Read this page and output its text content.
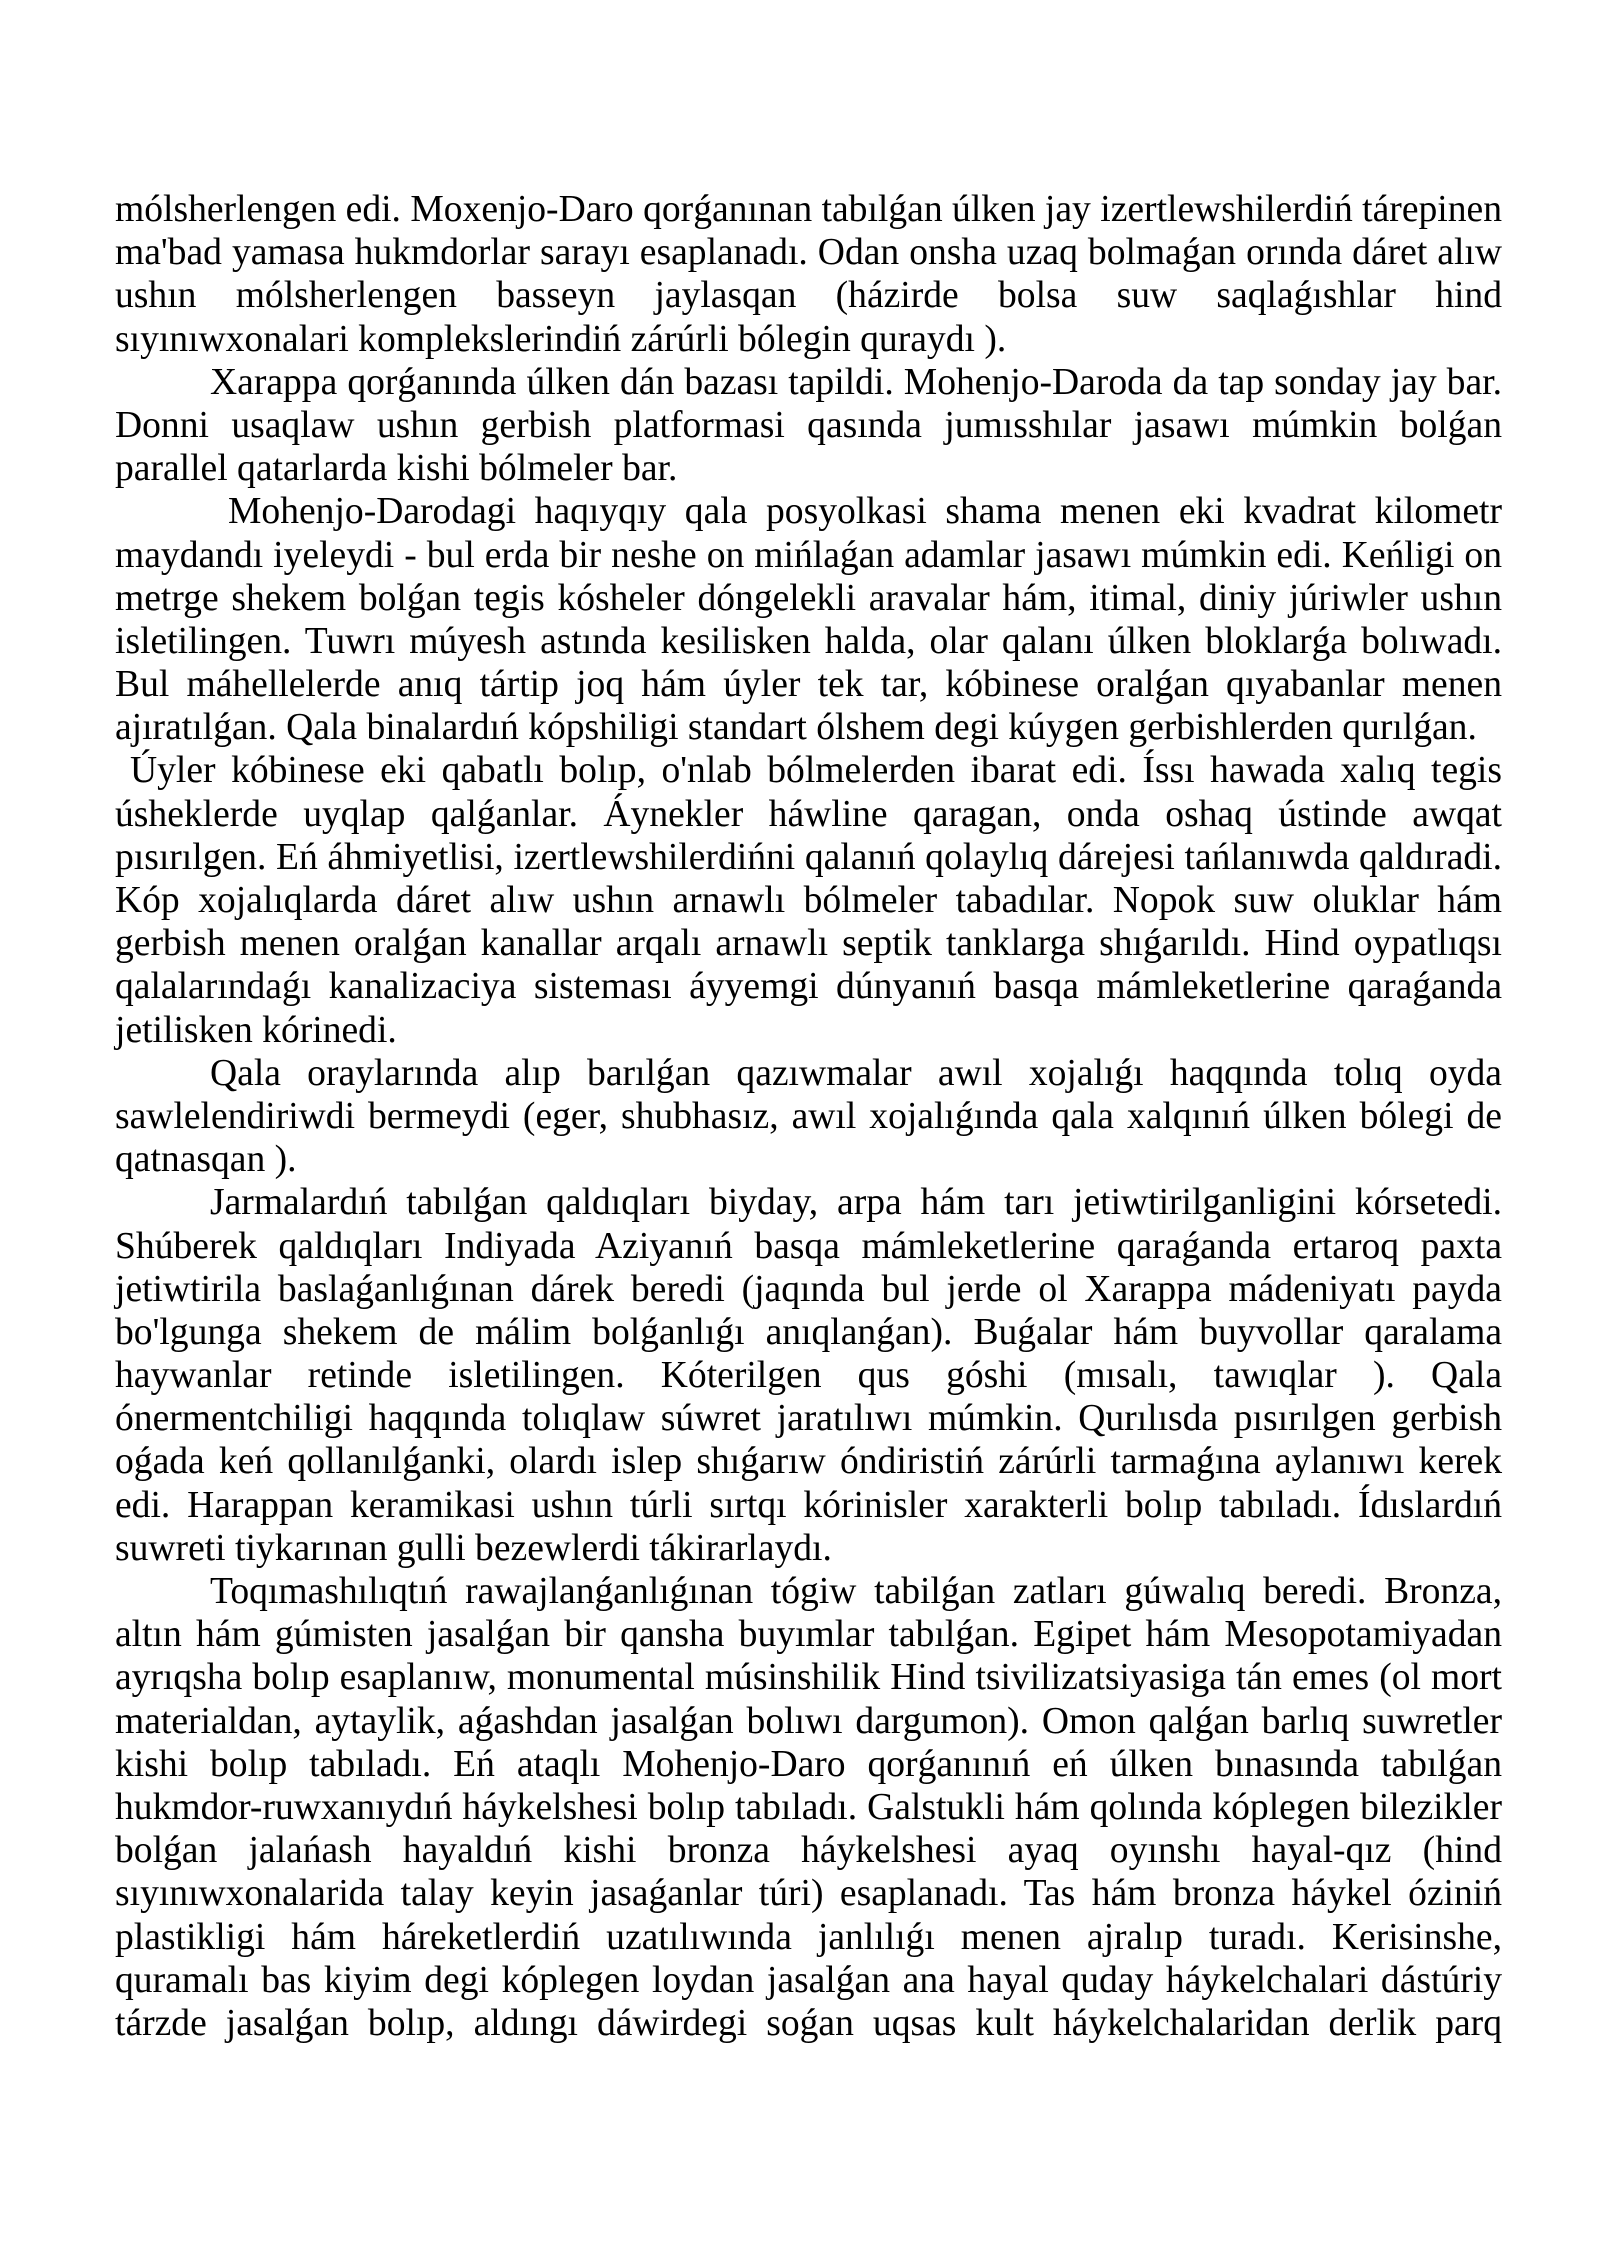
mólsherlengen edi. Moxenjo-Daro qorǵanınan tabılǵan úlken jay izertlewshilerdiń tárepinen
ma'bad yamasa hukmdorlar sarayı esaplanadı. Odan onsha uzaq bolmaǵan orında dáret alıw
ushın mólsherlengen basseyn jaylasqan (házirde bolsa suw saqlaǵıshlar hind
sıyınıwxonalari komplekslerindiń zárúrli bólegin quraydı ).
Xarappa qorǵanında úlken dán bazası tapildi. Mohenjo-Daroda da tap sonday jay bar.
Donni usaqlaw ushın gerbish platformasi qasında jumısshılar jasawı múmkin bolǵan
parallel qatarlarda kishi bólmeler bar.
Mohenjo-Darodagi haqıyqıy qala posyolkasi shama menen eki kvadrat kilometr
maydandı iyeleydi - bul erda bir neshe on mińlaǵan adamlar jasawı múmkin edi. Keńligi on
metrge shekem bolǵan tegis kósheler dóngelekli aravalar hám, itimal, diniy júriwler ushın
isletilingen. Tuwrı múyesh astında kesilisken halda, olar qalanı úlken bloklarǵa bolıwadı.
Bul máhellelerde anıq tártip joq hám úyler tek tar, kóbinese oralǵan qıyabanlar menen
ajıratılǵan. Qala binalardıń kópshiligi standart ólshem degi kúygen gerbishlerden qurılǵan.
Úyler kóbinese eki qabatlı bolıp, o'nlab bólmelerden ibarat edi. Íssı hawada xalıq tegis
úsheklerde uyqlap qalǵanlar. Áynekler háwline qaragan, onda oshaq ústinde awqat
pısırılgen. Eń áhmiyetlisi, izertlewshilerdińni qalanıń qolaylıq dárejesi tańlanıwda qaldıradi.
Kóp xojalıqlarda dáret alıw ushın arnawlı bólmeler tabadılar. Nopok suw oluklar hám
gerbish menen oralǵan kanallar arqalı arnawlı septik tanklarga shıǵarıldı. Hind oypatlıqsı
qalalarındaǵı kanalizaciya sisteması áyyemgi dúnyanıń basqa mámleketlerine qaraǵanda
jetilisken kórinedi.
Qala oraylarında alıp barılǵan qazıwmalar awıl xojalıǵı haqqında tolıq oyda
sawlelendiriwdi bermeydi (eger, shubhasız, awıl xojalıǵında qala xalqınıń úlken bólegi de
qatnasqan ).
Jarmalardıń tabılǵan qaldıqları biyday, arpa hám tarı jetiwtirilganligini kórsetedi.
Shúberek qaldıqları Indiyada Aziyanıń basqa mámleketlerine qaraǵanda ertaroq paxta
jetiwtirila baslaǵanlıǵınan dárek beredi (jaqında bul jerde ol Xarappa mádeniyatı payda
bo'lgunga shekem de málim bolǵanlıǵı anıqlanǵan). Buǵalar hám buyvollar qaralama
haywanlar retinde isletilingen. Kóterilgen qus góshi (mısalı, tawıqlar ). Qala
ónermentchiligi haqqında tolıqlaw súwret jaratılıwı múmkin. Qurılısda pısırılgen gerbish
oǵada keń qollanılǵanki, olardı islep shıǵarıw óndiristiń zárúrli tarmaǵına aylanıwı kerek
edi. Harappan keramikasi ushın túrli sırtqı kórinisler xarakterli bolıp tabıladı. Ídıslardıń
suwreti tiykarınan gulli bezewlerdi tákirarlaydı.
Toqımashılıqtıń rawajlanǵanlıǵınan tógiw tabilǵan zatları gúwalıq beredi. Bronza,
altın hám gúmisten jasalǵan bir qansha buyımlar tabılǵan. Egipet hám Mesopotamiyadan
ayrıqsha bolıp esaplanıw, monumental músinshilik Hind tsivilizatsiyasiga tán emes (ol mort
materialdan, aytaylik, aǵashdan jasalǵan bolıwı dargumon). Omon qalǵan barlıq suwretler
kishi bolıp tabıladı. Eń ataqlı Mohenjo-Daro qorǵanınıń eń úlken bınasında tabılǵan
hukmdor-ruwxanıydıń háykelshesi bolıp tabıladı. Galstukli hám qolında kóplegen bilezikler
bolǵan jalańash hayaldıń kishi bronza háykelshesi ayaq oyınshı hayal-qız (hind
sıyınıwxonalarida talay keyin jasaǵanlar túri) esaplanadı. Tas hám bronza háykel óziniń
plastikligi hám háreketlerdiń uzatılıwında janlılıǵı menen ajralıp turadı. Kerisinshe,
quramalı bas kiyim degi kóplegen loydan jasalǵan ana hayal quday háykelchalari dástúriy
tárzde jasalǵan bolıp, aldıngı dáwirdegi soǵan uqsas kult háykelchalaridan derlik parq
